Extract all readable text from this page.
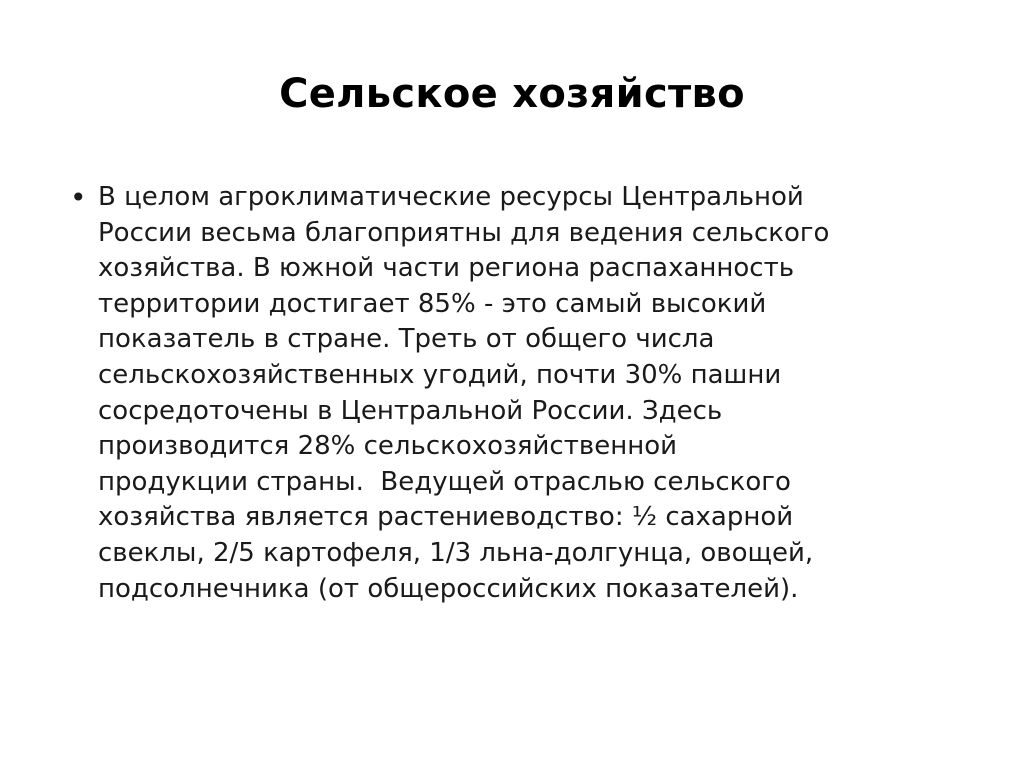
Сельское хозяйство
• В целом агроклиматические ресурсы Центральной
России весьма благоприятны для ведения сельского
хозяйства. В южной части региона распаханность
территории достигает 85% - это самый высокий
показатель в стране. Треть от общего числа
сельскохозяйственных угодий, почти 30% пашни
сосредоточены в Центральной России. Здесь
производится 28% сельскохозяйственной
продукции страны.  Ведущей отраслью сельского
хозяйства является растениеводство: ½ сахарной
свеклы, 2/5 картофеля, 1/3 льна-долгунца, овощей,
подсолнечника (от общероссийских показателей).
